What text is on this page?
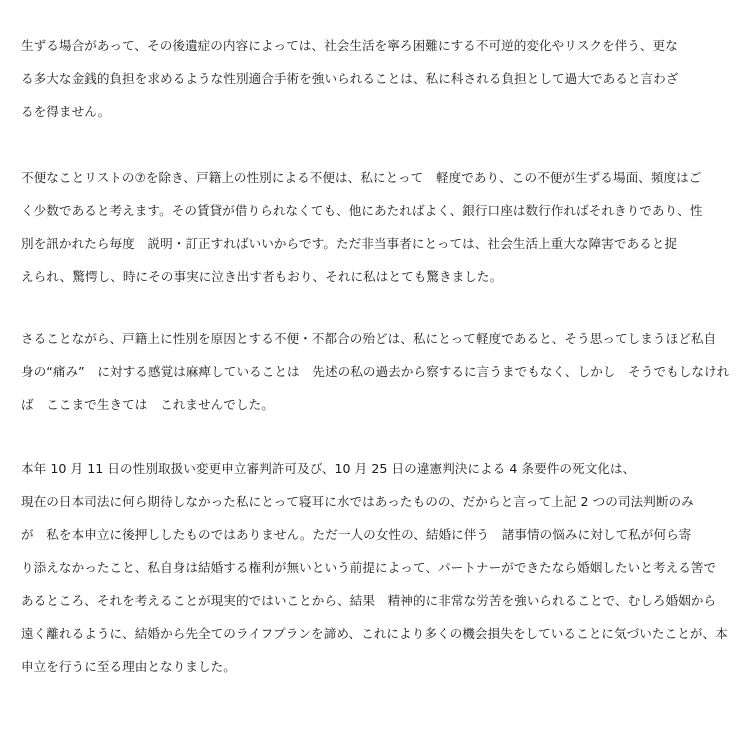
生ずる場合があって、その後遺症の内容によっては、社会生活を寧ろ困難にする不可逆的変化やリスクを伴う、更な
る多大な金銭的負担を求めるような性別適合手術を強いられることは、私に科される負担として過大であると言わざ
るを得ません。
不便なことリストの⑦を除き、戸籍上の性別による不便は、私にとって　軽度であり、この不便が生ずる場面、頻度はご
く少数であると考えます。その賃貸が借りられなくても、他にあたればよく、銀行口座は数行作ればそれきりであり、性
別を訊かれたら毎度　説明・訂正すればいいからです。ただ非当事者にとっては、社会生活上重大な障害であると捉
えられ、驚愕し、時にその事実に泣き出す者もおり、それに私はとても驚きました。
さることながら、戸籍上に性別を原因とする不便・不都合の殆どは、私にとって軽度であると、そう思ってしまうほど私自
身の“痛み”　に対する感覚は麻痺していることは　先述の私の過去から察するに言うまでもなく、しかし　そうでもしなけれ
ば　ここまで生きては　これませんでした。
本年 10 月 11 日の性別取扱い変更申立審判許可及び、10 月 25 日の違憲判決による 4 条要件の死文化は、
現在の日本司法に何ら期待しなかった私にとって寝耳に水ではあったものの、だからと言って上記 2 つの司法判断のみ
が　私を本申立に後押ししたものではありません。ただ一人の女性の、結婚に伴う　諸事情の悩みに対して私が何ら寄
り添えなかったこと、私自身は結婚する権利が無いという前提によって、パートナーができたなら婚姻したいと考える筈で
あるところ、それを考えることが現実的ではいことから、結果　精神的に非常な労苦を強いられることで、むしろ婚姻から
遠く離れるように、結婚から先全てのライフプランを諦め、これにより多くの機会損失をしていることに気づいたことが、本
申立を行うに至る理由となりました。
